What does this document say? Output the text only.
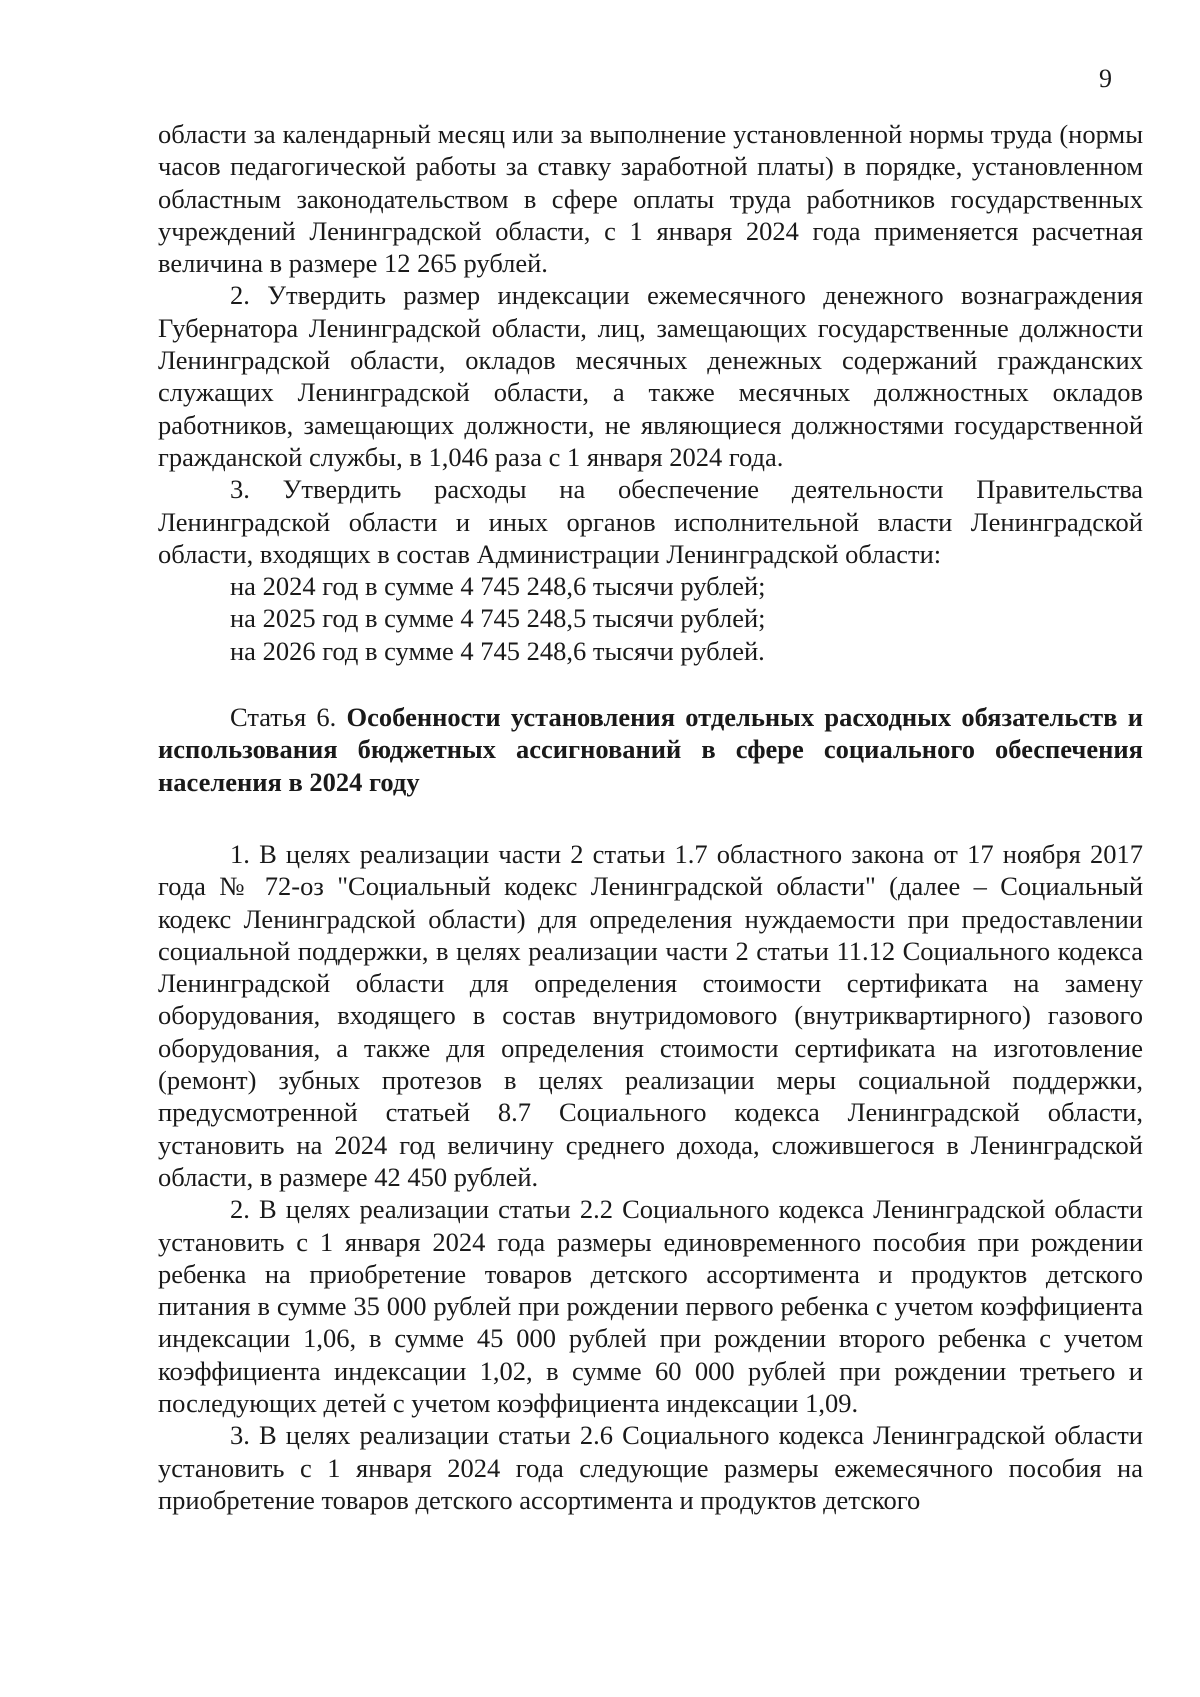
9

области за календарный месяц или за выполнение установленной нормы труда (нормы часов педагогической работы за ставку заработной платы) в порядке, установленном областным законодательством в сфере оплаты труда работников государственных учреждений Ленинградской области, с 1 января 2024 года применяется расчетная величина в размере 12 265 рублей.

2. Утвердить размер индексации ежемесячного денежного вознаграждения Губернатора Ленинградской области, лиц, замещающих государственные должности Ленинградской области, окладов месячных денежных содержаний гражданских служащих Ленинградской области, а также месячных должностных окладов работников, замещающих должности, не являющиеся должностями государственной гражданской службы, в 1,046 раза с 1 января 2024 года.

3. Утвердить расходы на обеспечение деятельности Правительства Ленинградской области и иных органов исполнительной власти Ленинградской области, входящих в состав Администрации Ленинградской области:

на 2024 год в сумме 4 745 248,6 тысячи рублей;

на 2025 год в сумме 4 745 248,5 тысячи рублей;

на 2026 год в сумме 4 745 248,6 тысячи рублей.

Статья 6. Особенности установления отдельных расходных обязательств и использования бюджетных ассигнований в сфере социального обеспечения населения в 2024 году

1. В целях реализации части 2 статьи 1.7 областного закона от 17 ноября 2017 года № 72-оз "Социальный кодекс Ленинградской области" (далее – Социальный кодекс Ленинградской области) для определения нуждаемости при предоставлении социальной поддержки, в целях реализации части 2 статьи 11.12 Социального кодекса Ленинградской области для определения стоимости сертификата на замену оборудования, входящего в состав внутридомового (внутриквартирного) газового оборудования, а также для определения стоимости сертификата на изготовление (ремонт) зубных протезов в целях реализации меры социальной поддержки, предусмотренной статьей 8.7 Социального кодекса Ленинградской области, установить на 2024 год величину среднего дохода, сложившегося в Ленинградской области, в размере 42 450 рублей.

2. В целях реализации статьи 2.2 Социального кодекса Ленинградской области установить с 1 января 2024 года размеры единовременного пособия при рождении ребенка на приобретение товаров детского ассортимента и продуктов детского питания в сумме 35 000 рублей при рождении первого ребенка с учетом коэффициента индексации 1,06, в сумме 45 000 рублей при рождении второго ребенка с учетом коэффициента индексации 1,02, в сумме 60 000 рублей при рождении третьего и последующих детей с учетом коэффициента индексации 1,09.

3. В целях реализации статьи 2.6 Социального кодекса Ленинградской области установить с 1 января 2024 года следующие размеры ежемесячного пособия на приобретение товаров детского ассортимента и продуктов детского
